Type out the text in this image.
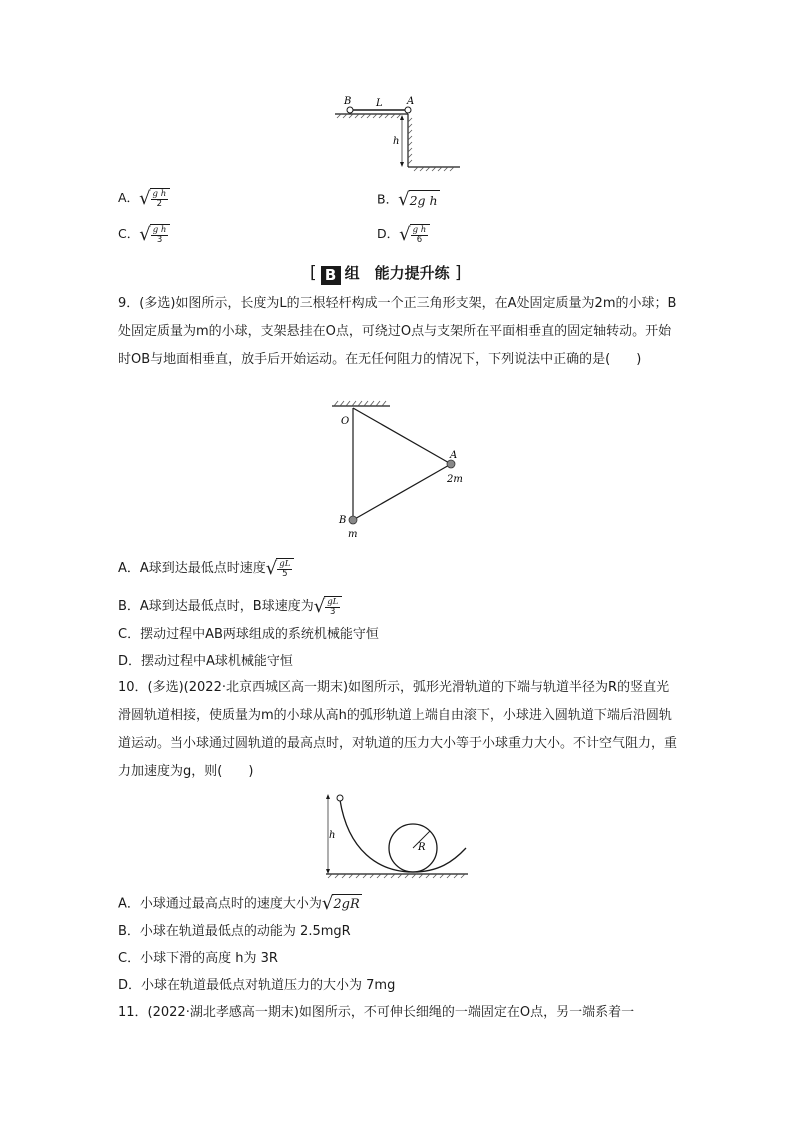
B L A
h
A．√ $\frac{\text{g h}}{2}$	B．√2g h
C．√ $\frac{\text{g h}}{3}$	D．√ $\frac{\text{g h}}{6}$
[ B 组　能力提升练 ]
9．(多选)如图所示，长度为L的三根轻杆构成一个正三角形支架，在A处固定质量为2m的小球；B处固定质量为m的小球，支架悬挂在O点，可绕过O点与支架所在平面相垂直的固定轴转动。开始时OB与地面相垂直，放手后开始运动。在无任何阻力的情况下，下列说法中正确的是(　　)
O
A
2m
B
m
A．A球到达最低点时速度√ $\frac{gL}{5}$
B．A球到达最低点时，B球速度为√ $\frac{gL}{3}$
C．摆动过程中AB两球组成的系统机械能守恒
D．摆动过程中A球机械能守恒
10．(多选)(2022·北京西城区高一期末)如图所示，弧形光滑轨道的下端与轨道半径为R的竖直光滑圆轨道相接，使质量为m的小球从高h的弧形轨道上端自由滚下，小球进入圆轨道下端后沿圆轨道运动。当小球通过圆轨道的最高点时，对轨道的压力大小等于小球重力大小。不计空气阻力，重力加速度为g，则(　　)
h
R
A．小球通过最高点时的速度大小为√2gR
B．小球在轨道最低点的动能为 2.5mgR
C．小球下滑的高度 h为 3R
D．小球在轨道最低点对轨道压力的大小为 7mg
11．(2022·湖北孝感高一期末)如图所示，不可伸长细绳的一端固定在O点，另一端系着一
